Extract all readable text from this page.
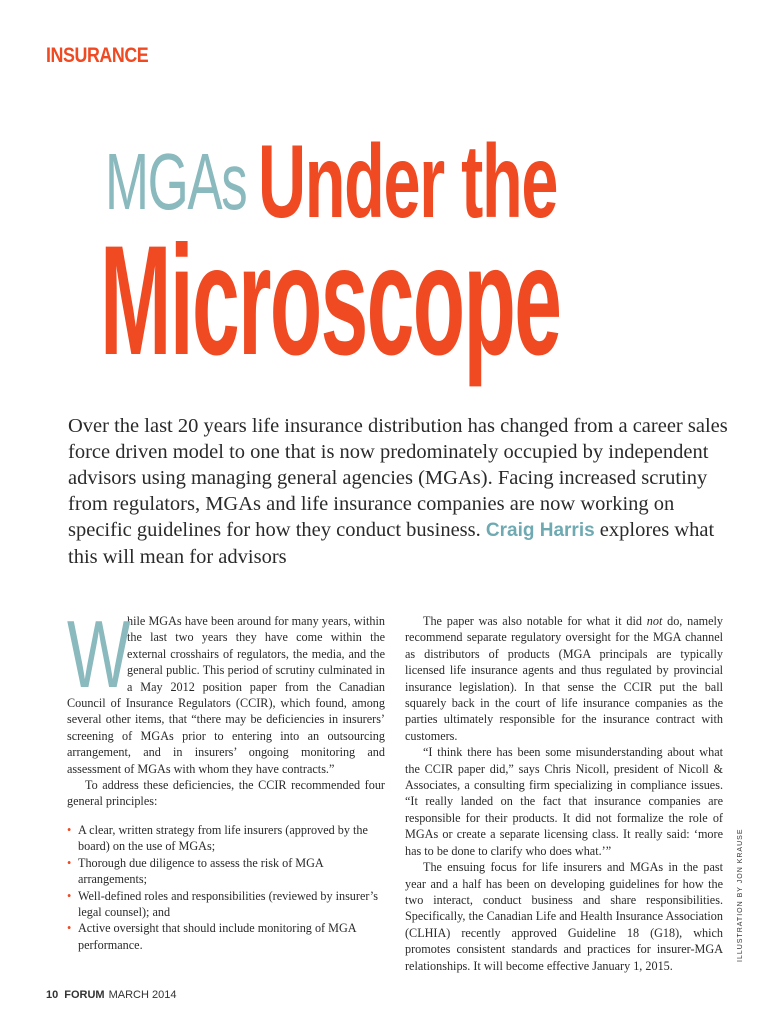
INSURANCE
MGAs Under the
Microscope
Over the last 20 years life insurance distribution has changed from a career sales force driven model to one that is now predominately occupied by independent advisors using managing general agencies (MGAs). Facing increased scrutiny from regulators, MGAs and life insurance companies are now working on specific guidelines for how they conduct business. Craig Harris explores what this will mean for advisors
W

hile MGAs have been around for many years, within the last two years they have come within the external crosshairs of regulators, the media, and the general public. This period of scrutiny culminated in a May 2012 position paper from the Canadian Council of Insurance Regulators (CCIR), which found, among several other items, that “there may be deficiencies in insurers’ screening of MGAs prior to entering into an outsourcing arrangement, and in insurers’ ongoing monitoring and assessment of MGAs with whom they have contracts.”

To address these deficiencies, the CCIR recommended four general principles:

• A clear, written strategy from life insurers (approved by the board) on the use of MGAs;
• Thorough due diligence to assess the risk of MGA arrangements;
• Well-defined roles and responsibilities (reviewed by insurer’s legal counsel); and
• Active oversight that should include monitoring of MGA performance.

The paper was also notable for what it did not do, namely recommend separate regulatory oversight for the MGA channel as distributors of products (MGA principals are typically licensed life insurance agents and thus regulated by provincial insurance legislation). In that sense the CCIR put the ball squarely back in the court of life insurance companies as the parties ultimately responsible for the insurance contract with customers.

“I think there has been some misunderstanding about what the CCIR paper did,” says Chris Nicoll, president of Nicoll & Associates, a consulting firm specializing in compliance issues. “It really landed on the fact that insurance companies are responsible for their products. It did not formalize the role of MGAs or create a separate licensing class. It really said: ‘more has to be done to clarify who does what.’”

The ensuing focus for life insurers and MGAs in the past year and a half has been on developing guidelines for how the two interact, conduct business and share responsibilities. Specifically, the Canadian Life and Health Insurance Association (CLHIA) recently approved Guideline 18 (G18), which promotes consistent standards and practices for insurer-MGA relationships. It will become effective January 1, 2015.

ILLUSTRATION BY JON KRAUSE
10 FORUM MARCH 2014
